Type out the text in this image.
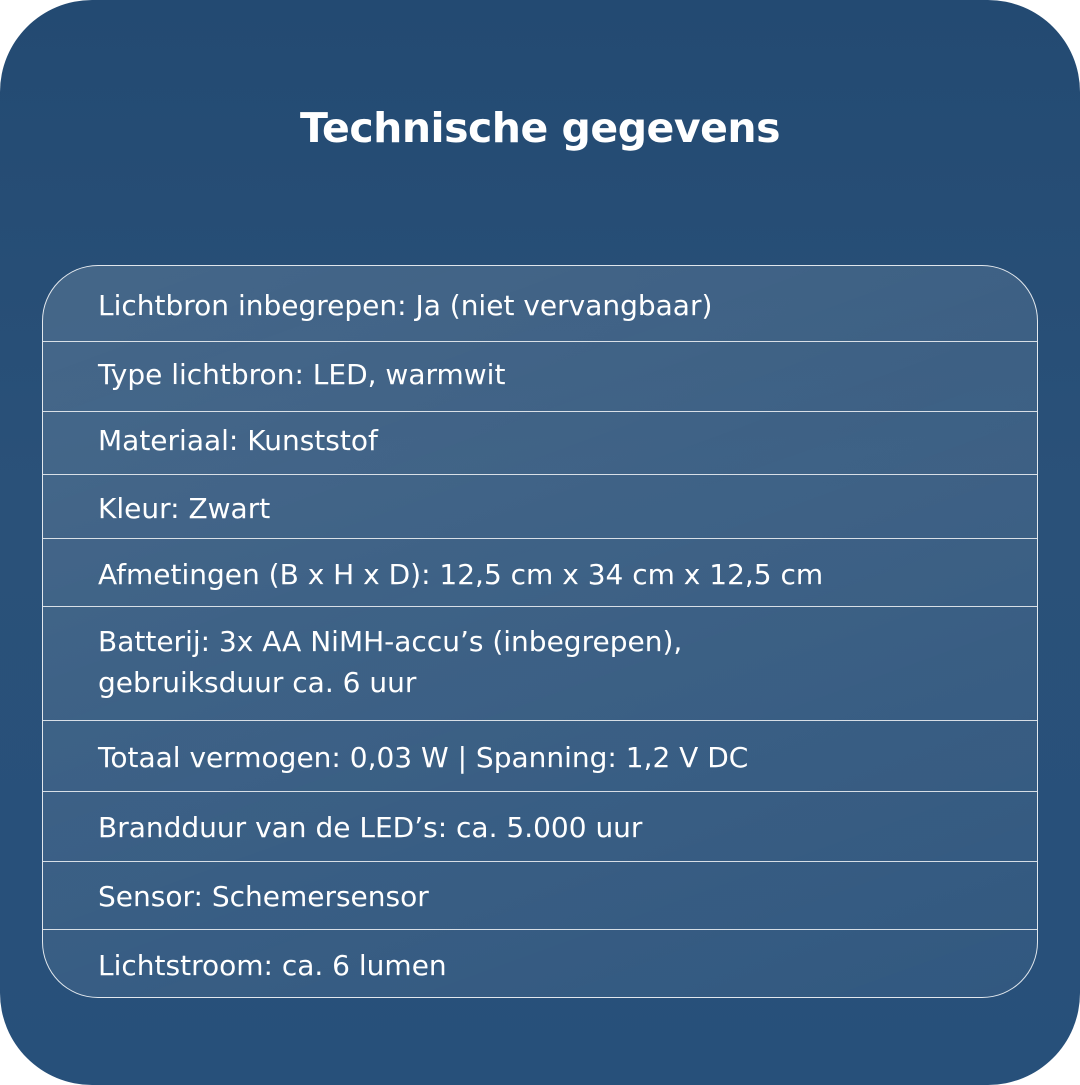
Technische gegevens
Lichtbron inbegrepen: Ja (niet vervangbaar)
Type lichtbron: LED, warmwit
Materiaal: Kunststof
Kleur: Zwart
Afmetingen (B x H x D): 12,5 cm x 34 cm x 12,5 cm
Batterij: 3x AA NiMH-accu’s (inbegrepen),
gebruiksduur ca. 6 uur
Totaal vermogen: 0,03 W | Spanning: 1,2 V DC
Brandduur van de LED’s: ca. 5.000 uur
Sensor: Schemersensor
Lichtstroom: ca. 6 lumen
